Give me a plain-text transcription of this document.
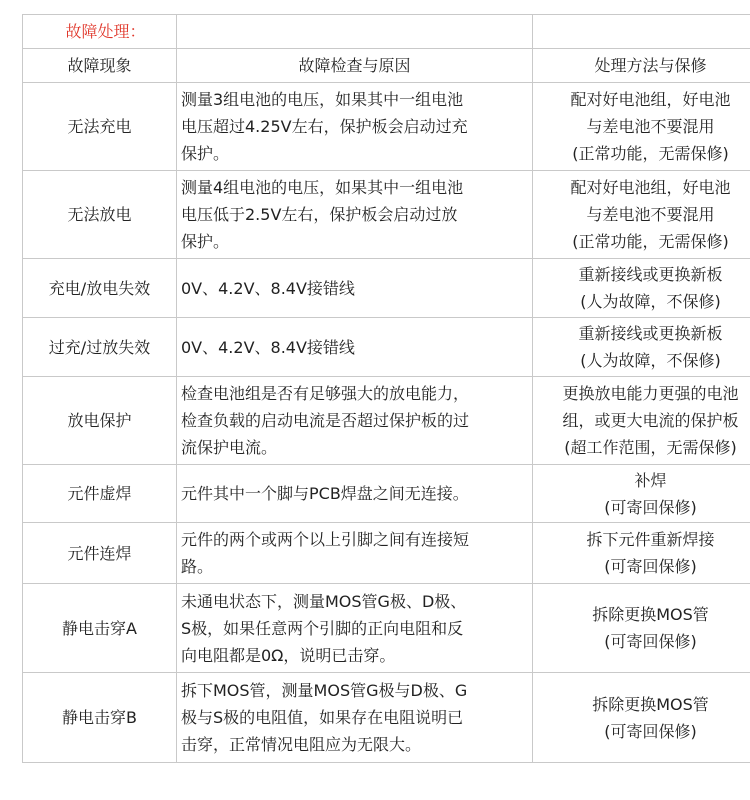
故障处理：		
故障现象	故障检查与原因	处理方法与保修
无法充电	测量3组电池的电压，如果其中一组电池
电压超过4.25V左右，保护板会启动过充
保护。	配对好电池组，好电池
与差电池不要混用
(正常功能，无需保修)

无法放电	测量4组电池的电压，如果其中一组电池
电压低于2.5V左右，保护板会启动过放
保护。	配对好电池组，好电池
与差电池不要混用
(正常功能，无需保修)

充电/放电失效	0V、4.2V、8.4V接错线	重新接线或更换新板
(人为故障，不保修)

过充/过放失效	0V、4.2V、8.4V接错线	重新接线或更换新板
(人为故障，不保修)

放电保护	检查电池组是否有足够强大的放电能力，
检查负载的启动电流是否超过保护板的过
流保护电流。	更换放电能力更强的电池
组，或更大电流的保护板
(超工作范围，无需保修)

元件虚焊	元件其中一个脚与PCB焊盘之间无连接。	补焊
(可寄回保修)

元件连焊	元件的两个或两个以上引脚之间有连接短
路。	拆下元件重新焊接
(可寄回保修)

静电击穿A	未通电状态下，测量MOS管G极、D极、
S极，如果任意两个引脚的正向电阻和反
向电阻都是0Ω，说明已击穿。	拆除更换MOS管
(可寄回保修)

静电击穿B	拆下MOS管，测量MOS管G极与D极、G
极与S极的电阻值，如果存在电阻说明已
击穿，正常情况电阻应为无限大。	拆除更换MOS管
(可寄回保修)
